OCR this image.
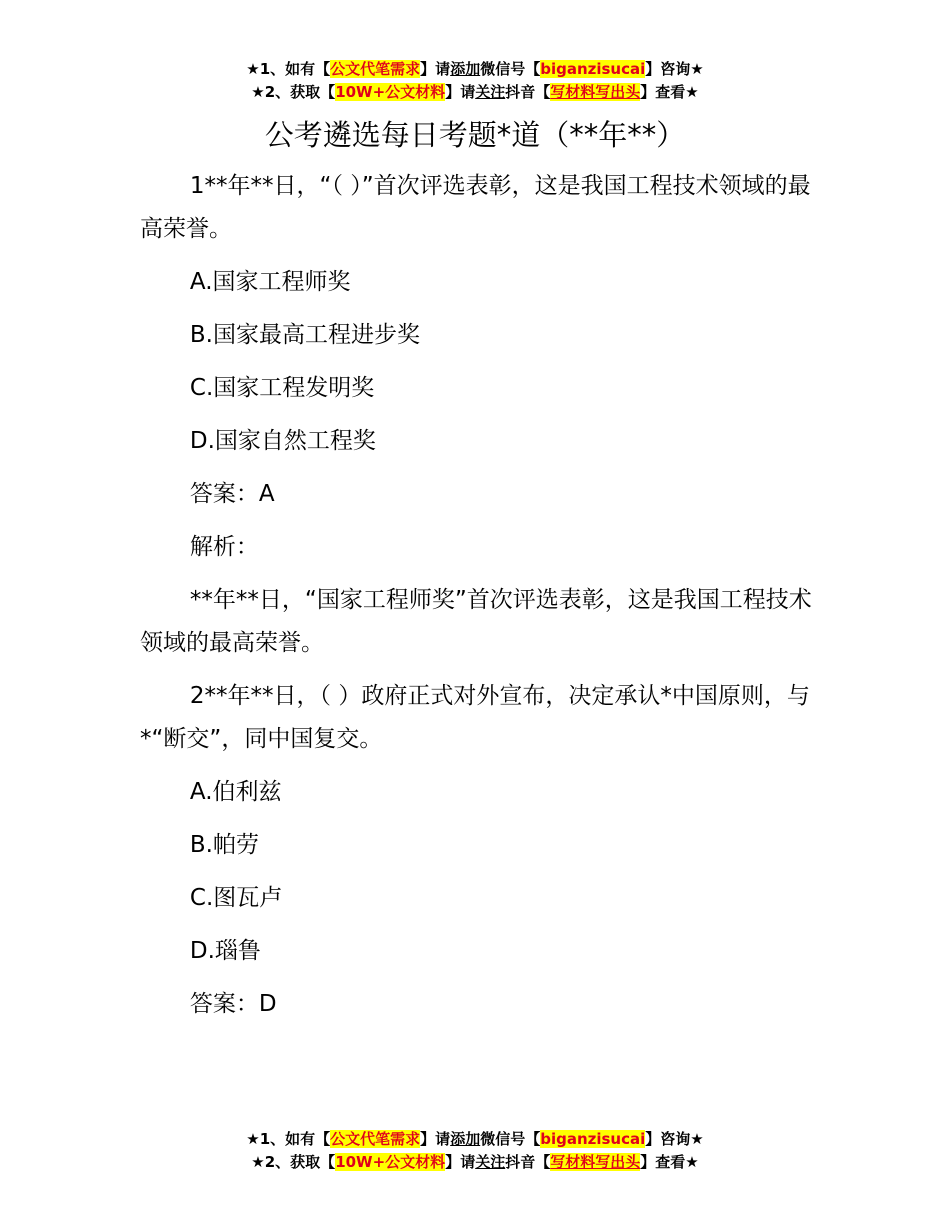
★1、如有【公文代笔需求】请添加微信号【biganzisucai】咨询★
★2、获取【10W+公文材料】请关注抖音【写材料写出头】查看★
公考遴选每日考题*道（**年**）

1**年**日，“（ ）”首次评选表彰，这是我国工程技术领域的最高荣誉。

A.国家工程师奖

B.国家最高工程进步奖

C.国家工程发明奖

D.国家自然工程奖

答案：A

解析：

**年**日，“国家工程师奖”首次评选表彰，这是我国工程技术领域的最高荣誉。

2**年**日，（ ）政府正式对外宣布，决定承认*中国原则，与*“断交”，同中国复交。

A.伯利兹

B.帕劳

C.图瓦卢

D.瑙鲁

答案：D

★1、如有【公文代笔需求】请添加微信号【biganzisucai】咨询★
★2、获取【10W+公文材料】请关注抖音【写材料写出头】查看★
